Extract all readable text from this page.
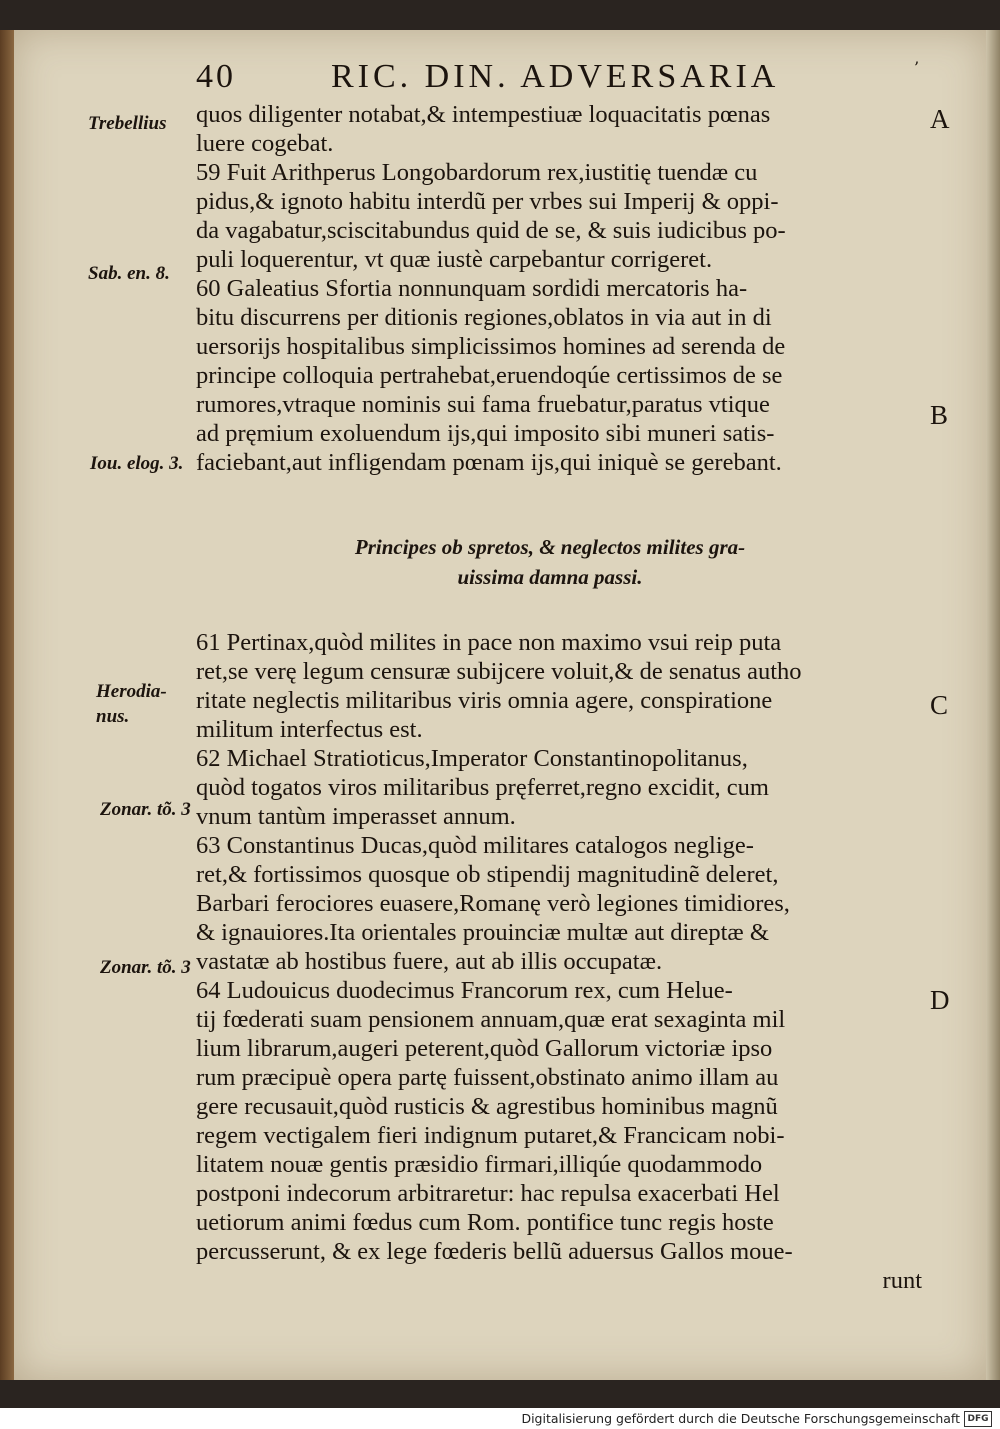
40	RIC. DIN. ADVERSARIA	’
quos diligenter notabat,& intempestiuæ loquacitatis pœnas
luere cogebat.
59 Fuit Arithperus Longobardorum rex,iustitię tuendæ cu
pidus,& ignoto habitu interdũ per vrbes sui Imperij & oppi-
da vagabatur,sciscitabundus quid de se, & suis iudicibus po-
puli loquerentur, vt quæ iustè carpebantur corrigeret.
60 Galeatius Sfortia nonnunquam sordidi mercatoris ha-
bitu discurrens per ditionis regiones,oblatos in via aut in di
uersorijs hospitalibus simplicissimos homines ad serenda de
principe colloquia pertrahebat,eruendoqúe certissimos de se
rumores,vtraque nominis sui fama fruebatur,paratus vtique
ad pręmium exoluendum ijs,qui imposito sibi muneri satis-
faciebant,aut infligendam pœnam ijs,qui iniquè se gerebant.
Principes ob spretos, & neglectos milites gra-
uissima damna passi.
61 Pertinax,quòd milites in pace non maximo vsui reip puta
ret,se verę legum censuræ subijcere voluit,& de senatus autho
ritate neglectis militaribus viris omnia agere, conspiratione
militum interfectus est.
62 Michael Stratioticus,Imperator Constantinopolitanus,
quòd togatos viros militaribus pręferret,regno excidit, cum
vnum tantùm imperasset annum.
63 Constantinus Ducas,quòd militares catalogos neglige-
ret,& fortissimos quosque ob stipendij magnitudinẽ deleret,
Barbari ferociores euasere,Romanę verò legiones timidiores,
& ignauiores.Ita orientales prouinciæ multæ aut direptæ &
vastatæ ab hostibus fuere, aut ab illis occupatæ.
64 Ludouicus duodecimus Francorum rex, cum Helue-
tij fœderati suam pensionem annuam,quæ erat sexaginta mil
lium librarum,augeri peterent,quòd Gallorum victoriæ ipso
rum præcipuè opera partę fuissent,obstinato animo illam au
gere recusauit,quòd rusticis & agrestibus hominibus magnũ
regem vectigalem fieri indignum putaret,& Francicam nobi-
litatem nouæ gentis præsidio firmari,illiqúe quodammodo
postponi indecorum arbitraretur: hac repulsa exacerbati Hel
uetiorum animi fœdus cum Rom. pontifice tunc regis hoste
percusserunt, & ex lege fœderis bellũ aduersus Gallos moue-
runt
Trebellius
Sab. en. 8.
Iou. elog. 3.
Herodia-
nus.
Zonar. tõ. 3
Zonar. tõ. 3
A
B
C
D
Digitalisierung gefördert durch die Deutsche Forschungsgemeinschaft DFG
